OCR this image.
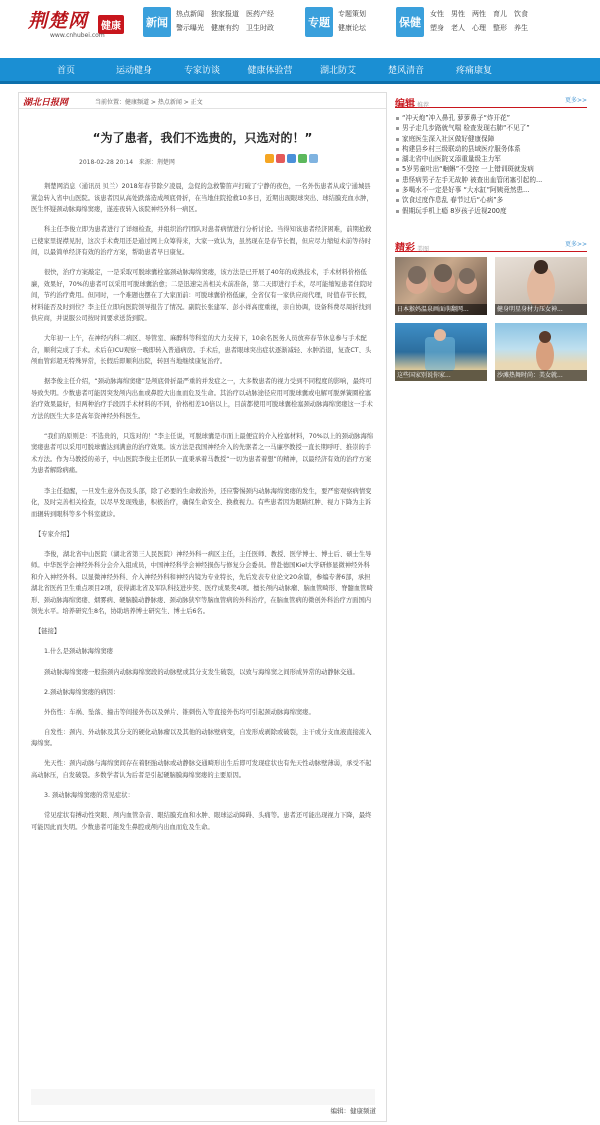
荆楚网	健康
www.cnhubei.com
新闻
热点新闻 独家报道 医药产经
警示曝光 健康有约 卫生时政	专题
专题策划
健康论坛	保健
女性 男性 两性 育儿 饮食
塑身 老人 心理 整形 养生
首页	运动健身	专家访谈	健康体验营	湖北防艾	楚风清音	疼痛康复
湖北日报网	当前位置：健康频道 > 热点新闻 > 正文
“为了患者，我们不选贵的，只选对的！”
2018-02-28 20:14 来源：荆楚网

荆楚网消息（通讯员 贝兰）2018年春节除夕凌晨，急促的急救警笛声打破了宁静的夜色，一名外伤患者从咸宁通城县紧急转入省中山医院。该患者因从高处跌落造成颅底骨折，在当地住院抢救10多日，近期出现眼球突出、球结膜充血水肿，医生怀疑颈动脉海绵窦瘘，遂连夜转入该院神经外科一病区。

科主任李俊立即为患者进行了详细检查，并组织治疗团队对患者病情进行分析讨论。当得知该患者经济困难，前期抢救已使家里捉襟见肘，这次手术费用还是通过网上众筹得来，大家一致认为，虽然现在是春节长假，但应尽力缩短术前等待时间，以最简单经济有效的治疗方案，帮助患者早日康复。

很快，治疗方案敲定，一是采取可脱球囊栓塞颈动脉海绵窦瘘，该方法是已开展了40年的成熟技术，手术材料价格低廉，效果好，70%的患者可以采用可脱球囊治愈；二是迅速完善相关术前准备，第二天即进行手术，尽可能缩短患者住院时间，节约治疗费用。但同时，一个难题也摆在了大家面前：可脱球囊价格低廉，全省仅有一家供应商代理，时值春节长假，材料能否及时到位？李主任立即向医院领导报告了情况。副院长张建军、彭小祥高度重视，亲自协调，设备科费尽周折找到供应商，并说服公司按时间要求送货到院。

大年初一上午，在神经内科二病区、导管室、麻醉科等科室的大力支持下，10余名医务人员放弃春节休息参与手术配合，顺利完成了手术。术后在ICU观察一晚即转入普通病房。手术后，患者眼球突出症状逐渐减轻、水肿消退，复查CT、头颅血管彩超无特殊异常，长假后即顺利出院，转回当地继续康复治疗。

据李俊主任介绍，“颈动脉海绵窦瘘”是颅底骨折最严重的并发症之一，大多数患者的视力受到不同程度的影响，最终可导致失明。少数患者可能因突发颅内出血或鼻腔大出血而危及生命。其治疗以动脉途径应用可脱球囊或电解可脱弹簧圈栓塞治疗效果最好，但两种治疗手段因手术材料的不同，价格相差10倍以上，目前都使用可脱球囊栓塞颈动脉海绵窦瘘这一手术方法的医生大多是高年资神经外科医生。

“我们的原则是：不选贵的，只选对的！”李主任说，可脱球囊是市面上最便宜的介入栓塞材料，70%以上的颈动脉海绵窦瘘患者可以采用可脱球囊达到满意的治疗效果。该方法是我国神经介入的先驱者之一马廉亭教授一直长期呼吁、推崇的手术方法。作为马教授的弟子，中山医院李俊主任团队一直秉承着马教授“一切为患者着想”的精神，以最经济有效的治疗方案为患者解除病痛。

李主任提醒，一旦发生意外伤及头部，除了必要的生命救治外，还应警惕颈内动脉海绵窦瘘的发生，要严密观察病情变化，及时完善相关检查，以尽早发现残患，积极治疗，确保生命安全、换救视力。有些患者因为眼睛红肿、视力下降为主诉而辗转到眼科等多个科室就诊。

【专家介绍】

李俊，湖北省中山医院（湖北省第三人民医院）神经外科一病区主任，主任医师、教授、医学博士、博士后、硕士生导师。中华医学会神经外科分会介入组成员，中国神经科学会神经损伤与修复分会委员。曾赴德国Kiel大学研修显微神经外科和介入神经外科。以显微神经外科、介入神经外科和神经内镜为专业特长，先后发表专业论文20余篇，参编专著6部，承担湖北省医药卫生重点项目2项，获得湖北省及军队科技进步奖、医疗成果奖4项。擅长颅内动脉瘤、脑血管畸形、脊髓血管畸形、颈动脉海绵窦瘘、烟雾病、硬脑膜动静脉瘘、颈动脉狭窄等脑血管病的外科治疗，在脑血管病的微创外科治疗方面国内领先水平。培养研究生8名，协助培养博士研究生、博士后6名。

【链接】

1.什么是颈动脉海绵窦瘘

颈动脉海绵窦瘘一般指颈内动脉海绵窦段的动脉壁或其分支发生破裂，以致与海绵窦之间形成异常的动静脉交通。

2.颈动脉海绵窦瘘的病因：

外伤性：车祸、坠落、撞击等间接外伤以及弹片、锥刺伤入等直接外伤均可引起颈动脉海绵窦瘘。

自发性：颈内、外动脉及其分支的硬化动脉瘤以及其他的动脉壁病变，自发形成剥除或破裂，主干或分支血液直接流入海绵窦。

先天性：颈内动脉与海绵窦间存在着胚胎动脉或动静脉交通畸形出生后即可发现症状也有先天性动脉壁薄弱，承受不起高动脉压，自发破裂。多数学者认为后者是引起硬脑膜海绵窦瘘的主要原因。

3. 颈动脉海绵窦瘘的常见症状：

常见症状有搏动性突眼、颅内血管杂音、眼结膜充血和水肿、眼球运动障碍、头痛等。患者还可能出现视力下降，最终可能因此而失明。少数患者可能发生鼻腔或颅内出血而危及生命。

编辑：健康频道
编辑 推荐
更多>>
“冲天炮”冲入鼻孔 萝萝鼻子“炸开花”
男子走几步路就气喘 检查发现右肺“不见了”
家庭医生深入社区做好健康保障
构建县乡村三级联动的县域医疗服务体系
湖北省中山医院又添重量级主力军
5岁男童吐出“蛔蝌”不受控 一上错训斑就发病
患怪病男子左手无故肿 被查出血管闭塞引起的...
多喝水不一定是好事 “大水缸”阿姨竟然患...
饮食过度作息乱 春节过后“心病”多
假期玩手机上瘾 8岁孩子近视200度
精彩 美图
更多>>
日本猴妈温泉画面萌翻网...	健身明星身材力压女神...
这些国家别说你家...	沙滩热舞时尚：美女就...
